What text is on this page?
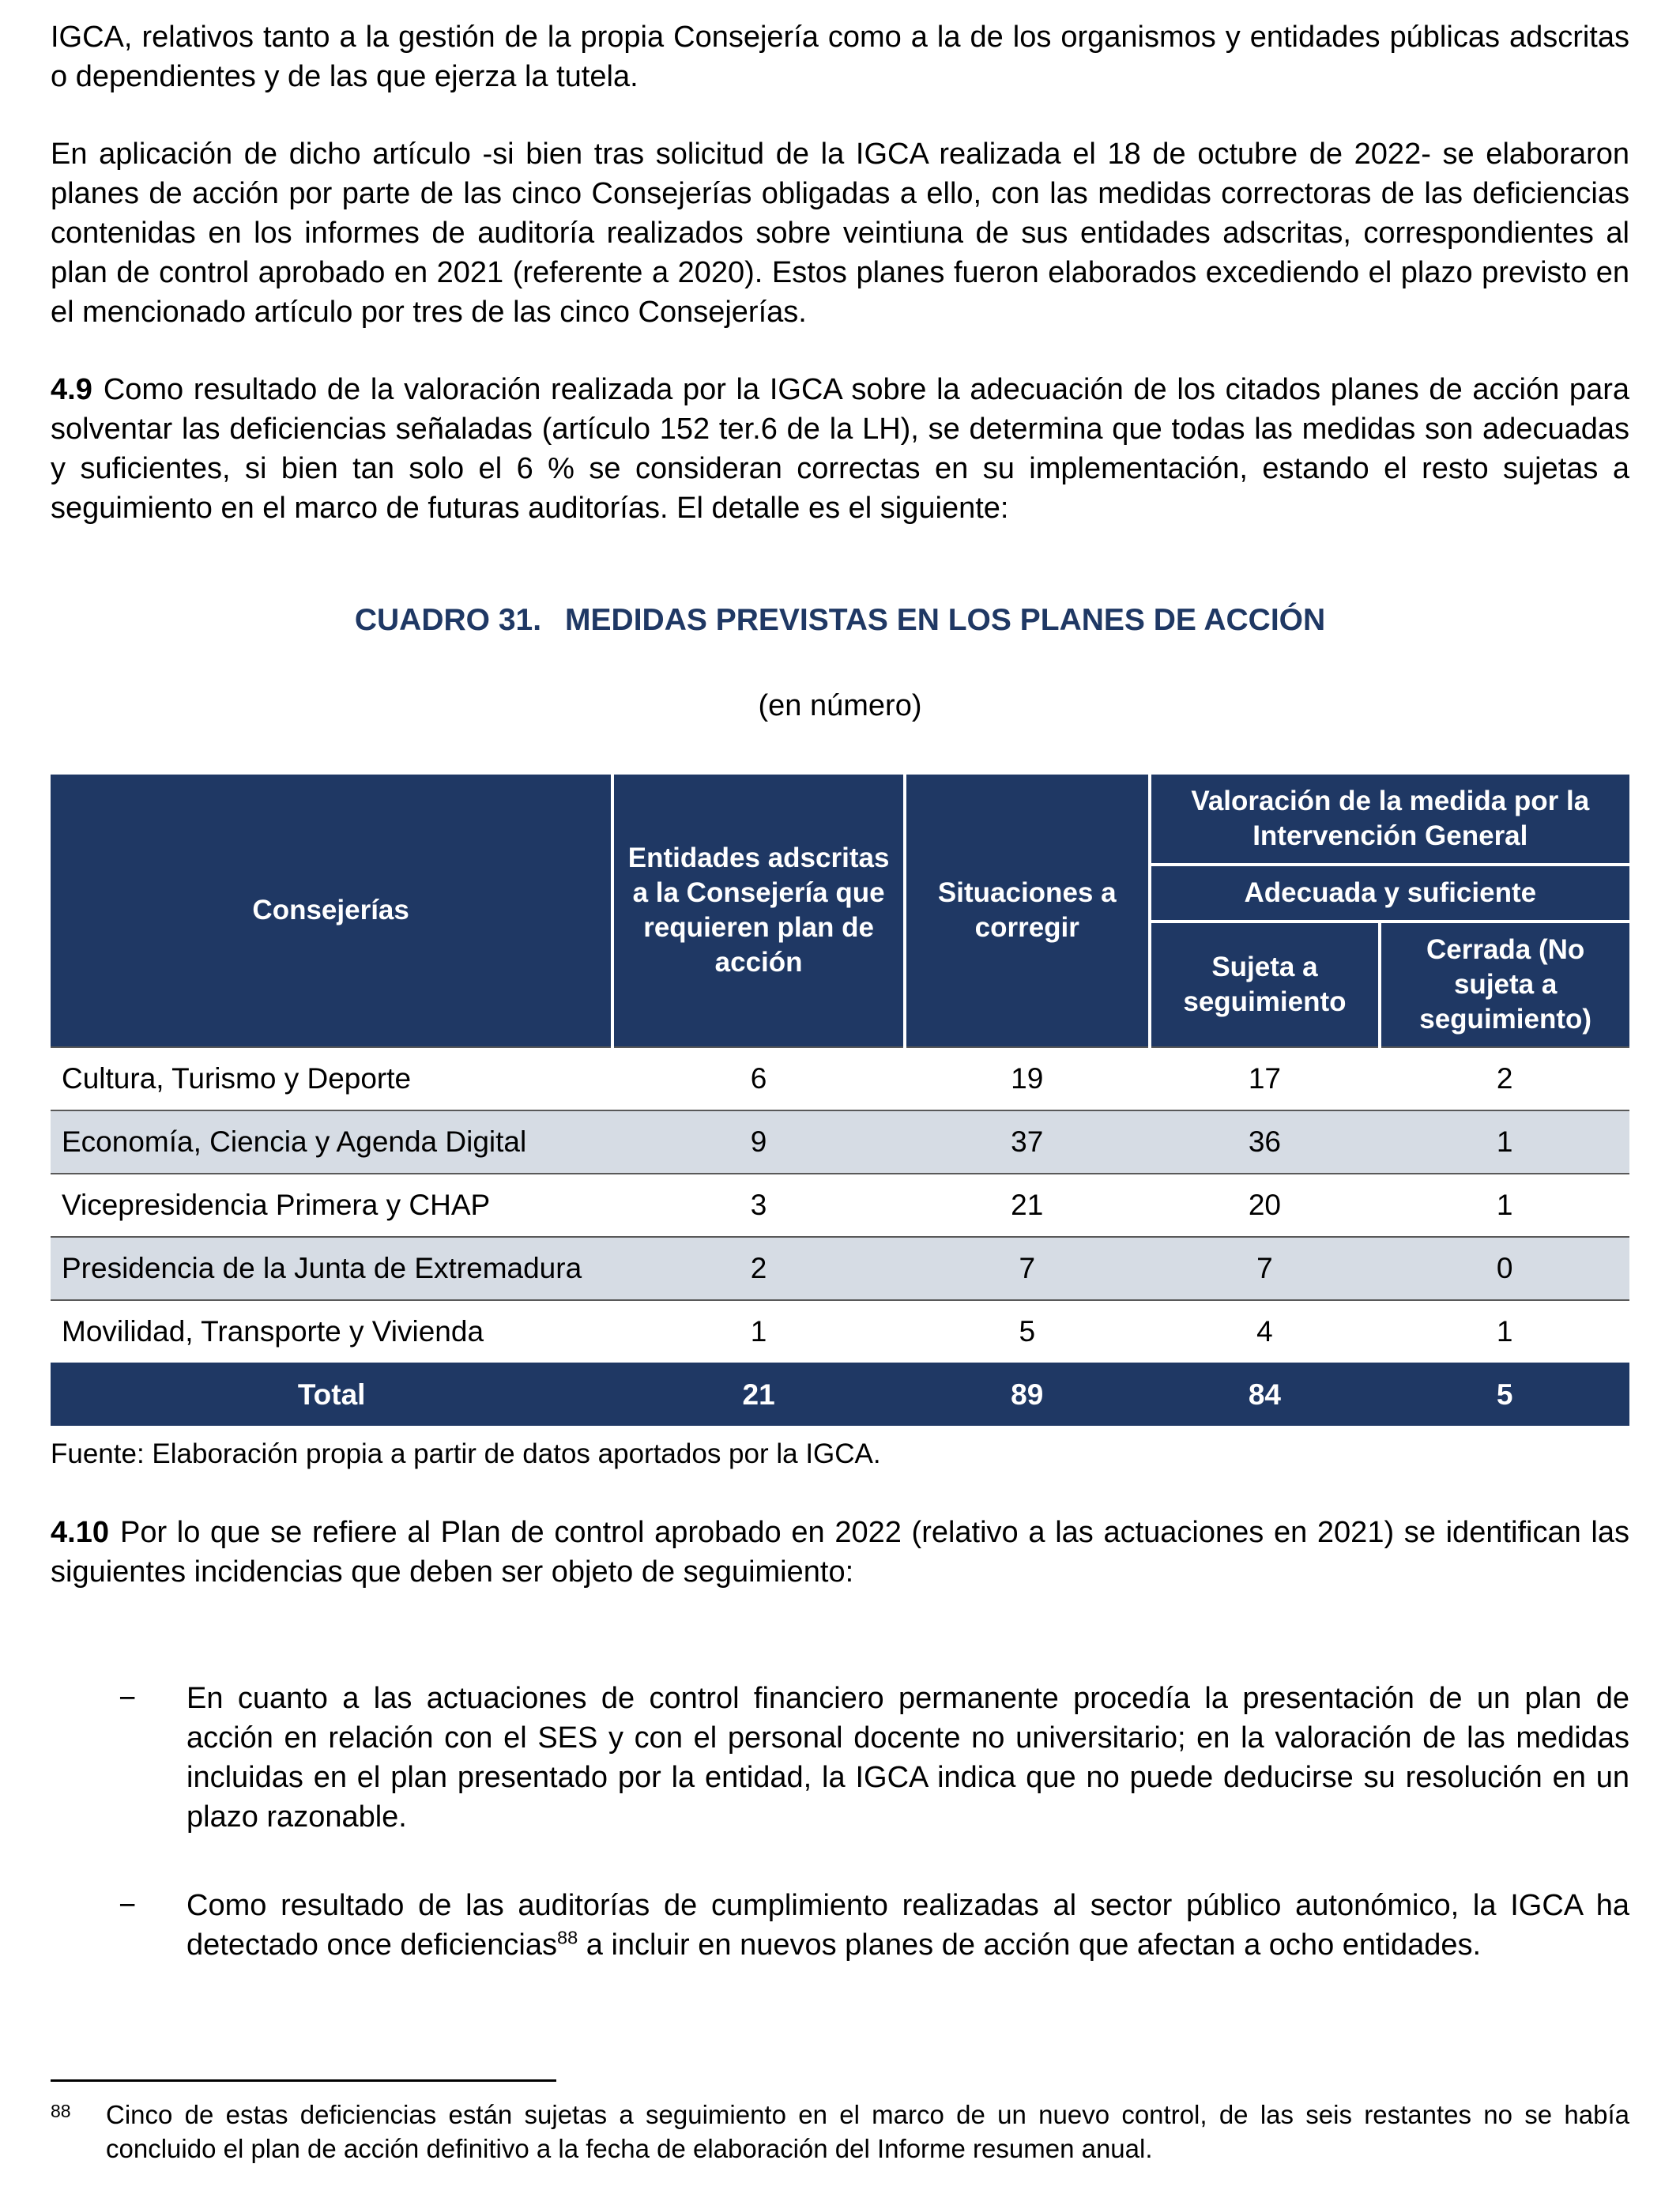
IGCA, relativos tanto a la gestión de la propia Consejería como a la de los organismos y entidades públicas adscritas o dependientes y de las que ejerza la tutela.

En aplicación de dicho artículo -si bien tras solicitud de la IGCA realizada el 18 de octubre de 2022- se elaboraron planes de acción por parte de las cinco Consejerías obligadas a ello, con las medidas correctoras de las deficiencias contenidas en los informes de auditoría realizados sobre veintiuna de sus entidades adscritas, correspondientes al plan de control aprobado en 2021 (referente a 2020). Estos planes fueron elaborados excediendo el plazo previsto en el mencionado artículo por tres de las cinco Consejerías.

4.9 Como resultado de la valoración realizada por la IGCA sobre la adecuación de los citados planes de acción para solventar las deficiencias señaladas (artículo 152 ter.6 de la LH), se determina que todas las medidas son adecuadas y suficientes, si bien tan solo el 6 % se consideran correctas en su implementación, estando el resto sujetas a seguimiento en el marco de futuras auditorías. El detalle es el siguiente:

CUADRO 31. MEDIDAS PREVISTAS EN LOS PLANES DE ACCIÓN
(en número)
Consejerías	Entidades adscritas a la Consejería que requieren plan de acción	Situaciones a corregir	Valoración de la medida por la Intervención General	
			Adecuada y suficiente	
			Sujeta a seguimiento	Cerrada (No sujeta a seguimiento)
Cultura, Turismo y Deporte	6	19	17	2
Economía, Ciencia y Agenda Digital	9	37	36	1
Vicepresidencia Primera y CHAP	3	21	20	1
Presidencia de la Junta de Extremadura	2	7	7	0
Movilidad, Transporte y Vivienda	1	5	4	1
Total	21	89	84	5
Fuente: Elaboración propia a partir de datos aportados por la IGCA.

4.10 Por lo que se refiere al Plan de control aprobado en 2022 (relativo a las actuaciones en 2021) se identifican las siguientes incidencias que deben ser objeto de seguimiento:

−	En cuanto a las actuaciones de control financiero permanente procedía la presentación de un plan de acción en relación con el SES y con el personal docente no universitario; en la valoración de las medidas incluidas en el plan presentado por la entidad, la IGCA indica que no puede deducirse su resolución en un plazo razonable.
−	Como resultado de las auditorías de cumplimiento realizadas al sector público autonómico, la IGCA ha detectado once deficiencias$^{88}$ a incluir en nuevos planes de acción que afectan a ocho entidades.
88	Cinco de estas deficiencias están sujetas a seguimiento en el marco de un nuevo control, de las seis restantes no se había concluido el plan de acción definitivo a la fecha de elaboración del Informe resumen anual.
